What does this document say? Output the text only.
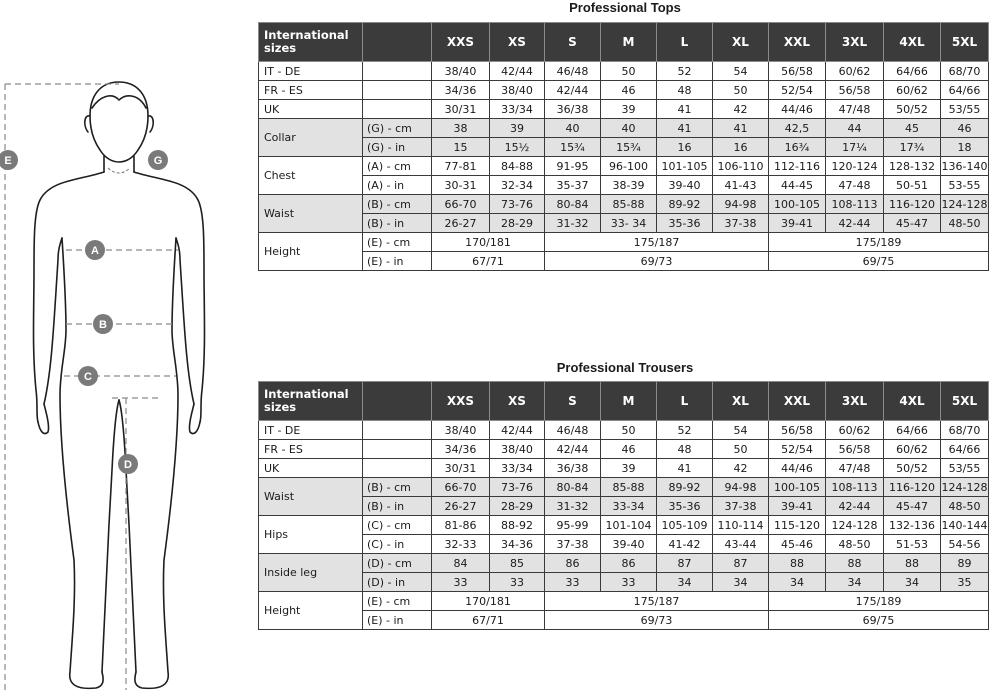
E	G
A
B
C
D
Professional Tops
International sizes		XXS	XS	S	M	L	XL	XXL	3XL	4XL	5XL
IT - DE		38/40	42/44	46/48	50	52	54	56/58	60/62	64/66	68/70
FR - ES		34/36	38/40	42/44	46	48	50	52/54	56/58	60/62	64/66
UK		30/31	33/34	36/38	39	41	42	44/46	47/48	50/52	53/55
Collar	(G) - cm	38	39	40	40	41	41	42,5	44	45	46
	(G) - in	15	15½	15¾	15¾	16	16	16¾	17¼	17¾	18
Chest	(A) - cm	77-81	84-88	91-95	96-100	101-105	106-110	112-116	120-124	128-132	136-140
	(A) - in	30-31	32-34	35-37	38-39	39-40	41-43	44-45	47-48	50-51	53-55
Waist	(B) - cm	66-70	73-76	80-84	85-88	89-92	94-98	100-105	108-113	116-120	124-128
	(B) - in	26-27	28-29	31-32	33- 34	35-36	37-38	39-41	42-44	45-47	48-50
Height	(E) - cm	170/181		175/187				175/189			
	(E) - in	67/71		69/73				69/75			
Professional Trousers
International sizes		XXS	XS	S	M	L	XL	XXL	3XL	4XL	5XL
IT - DE		38/40	42/44	46/48	50	52	54	56/58	60/62	64/66	68/70
FR - ES		34/36	38/40	42/44	46	48	50	52/54	56/58	60/62	64/66
UK		30/31	33/34	36/38	39	41	42	44/46	47/48	50/52	53/55
Waist	(B) - cm	66-70	73-76	80-84	85-88	89-92	94-98	100-105	108-113	116-120	124-128
	(B) - in	26-27	28-29	31-32	33-34	35-36	37-38	39-41	42-44	45-47	48-50
Hips	(C) - cm	81-86	88-92	95-99	101-104	105-109	110-114	115-120	124-128	132-136	140-144
	(C) - in	32-33	34-36	37-38	39-40	41-42	43-44	45-46	48-50	51-53	54-56
Inside leg	(D) - cm	84	85	86	86	87	87	88	88	88	89
	(D) - in	33	33	33	33	34	34	34	34	34	35
Height	(E) - cm	170/181		175/187				175/189			
	(E) - in	67/71		69/73				69/75			
